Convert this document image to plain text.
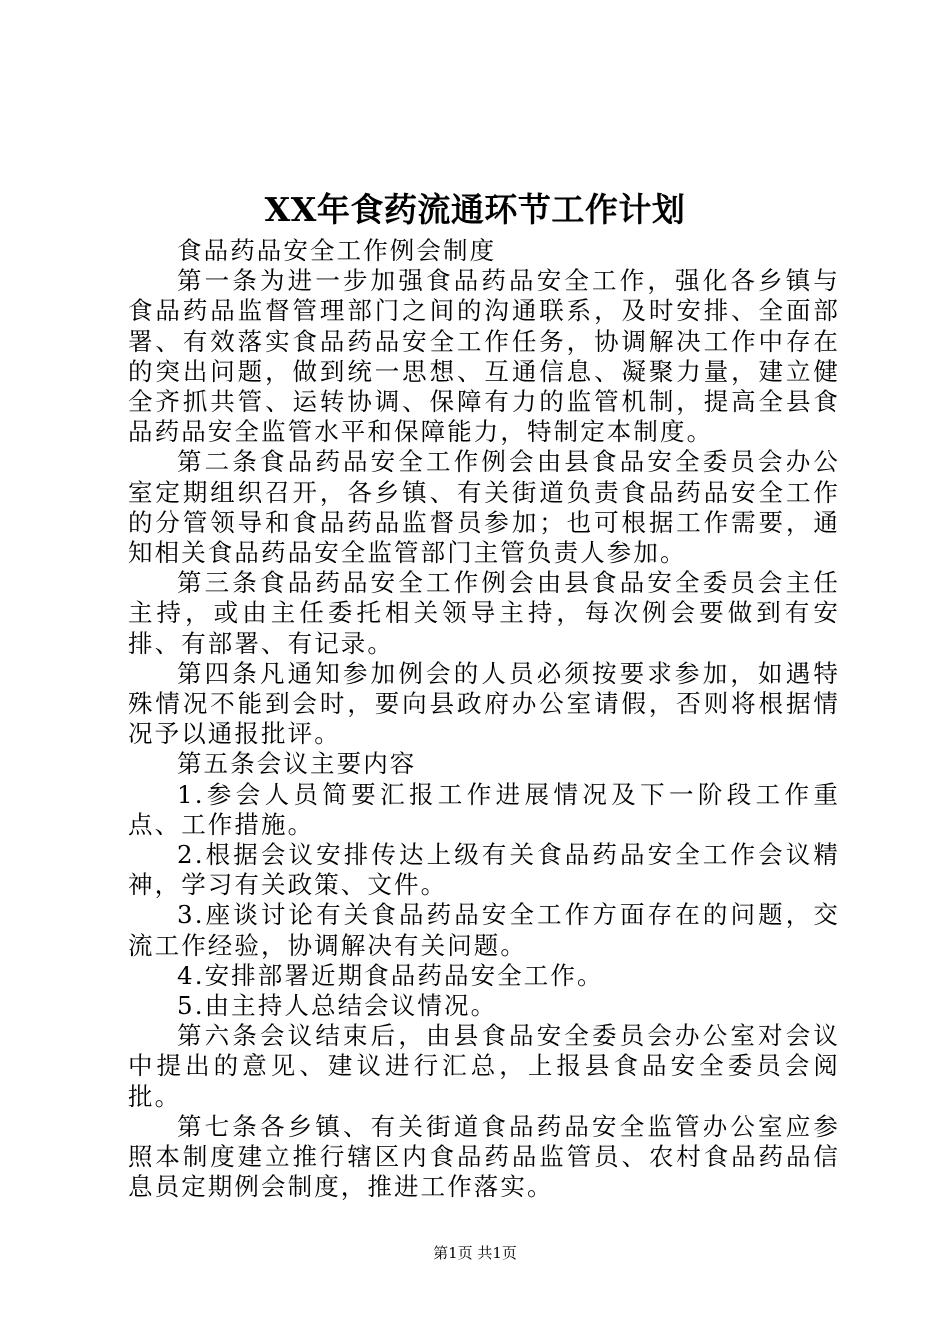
XX年食药流通环节工作计划

食品药品安全工作例会制度

第一条为进一步加强食品药品安全工作，强化各乡镇与食品药品监督管理部门之间的沟通联系，及时安排、全面部署、有效落实食品药品安全工作任务，协调解决工作中存在的突出问题，做到统一思想、互通信息、凝聚力量，建立健全齐抓共管、运转协调、保障有力的监管机制，提高全县食品药品安全监管水平和保障能力，特制定本制度。

第二条食品药品安全工作例会由县食品安全委员会办公室定期组织召开，各乡镇、有关街道负责食品药品安全工作的分管领导和食品药品监督员参加；也可根据工作需要，通知相关食品药品安全监管部门主管负责人参加。

第三条食品药品安全工作例会由县食品安全委员会主任主持，或由主任委托相关领导主持，每次例会要做到有安排、有部署、有记录。

第四条凡通知参加例会的人员必须按要求参加，如遇特殊情况不能到会时，要向县政府办公室请假，否则将根据情况予以通报批评。

第五条会议主要内容

1.参会人员简要汇报工作进展情况及下一阶段工作重点、工作措施。

2.根据会议安排传达上级有关食品药品安全工作会议精神，学习有关政策、文件。

3.座谈讨论有关食品药品安全工作方面存在的问题，交流工作经验，协调解决有关问题。

4.安排部署近期食品药品安全工作。

5.由主持人总结会议情况。

第六条会议结束后，由县食品安全委员会办公室对会议中提出的意见、建议进行汇总，上报县食品安全委员会阅批。

第七条各乡镇、有关街道食品药品安全监管办公室应参照本制度建立推行辖区内食品药品监管员、农村食品药品信息员定期例会制度，推进工作落实。

第1页 共1页
